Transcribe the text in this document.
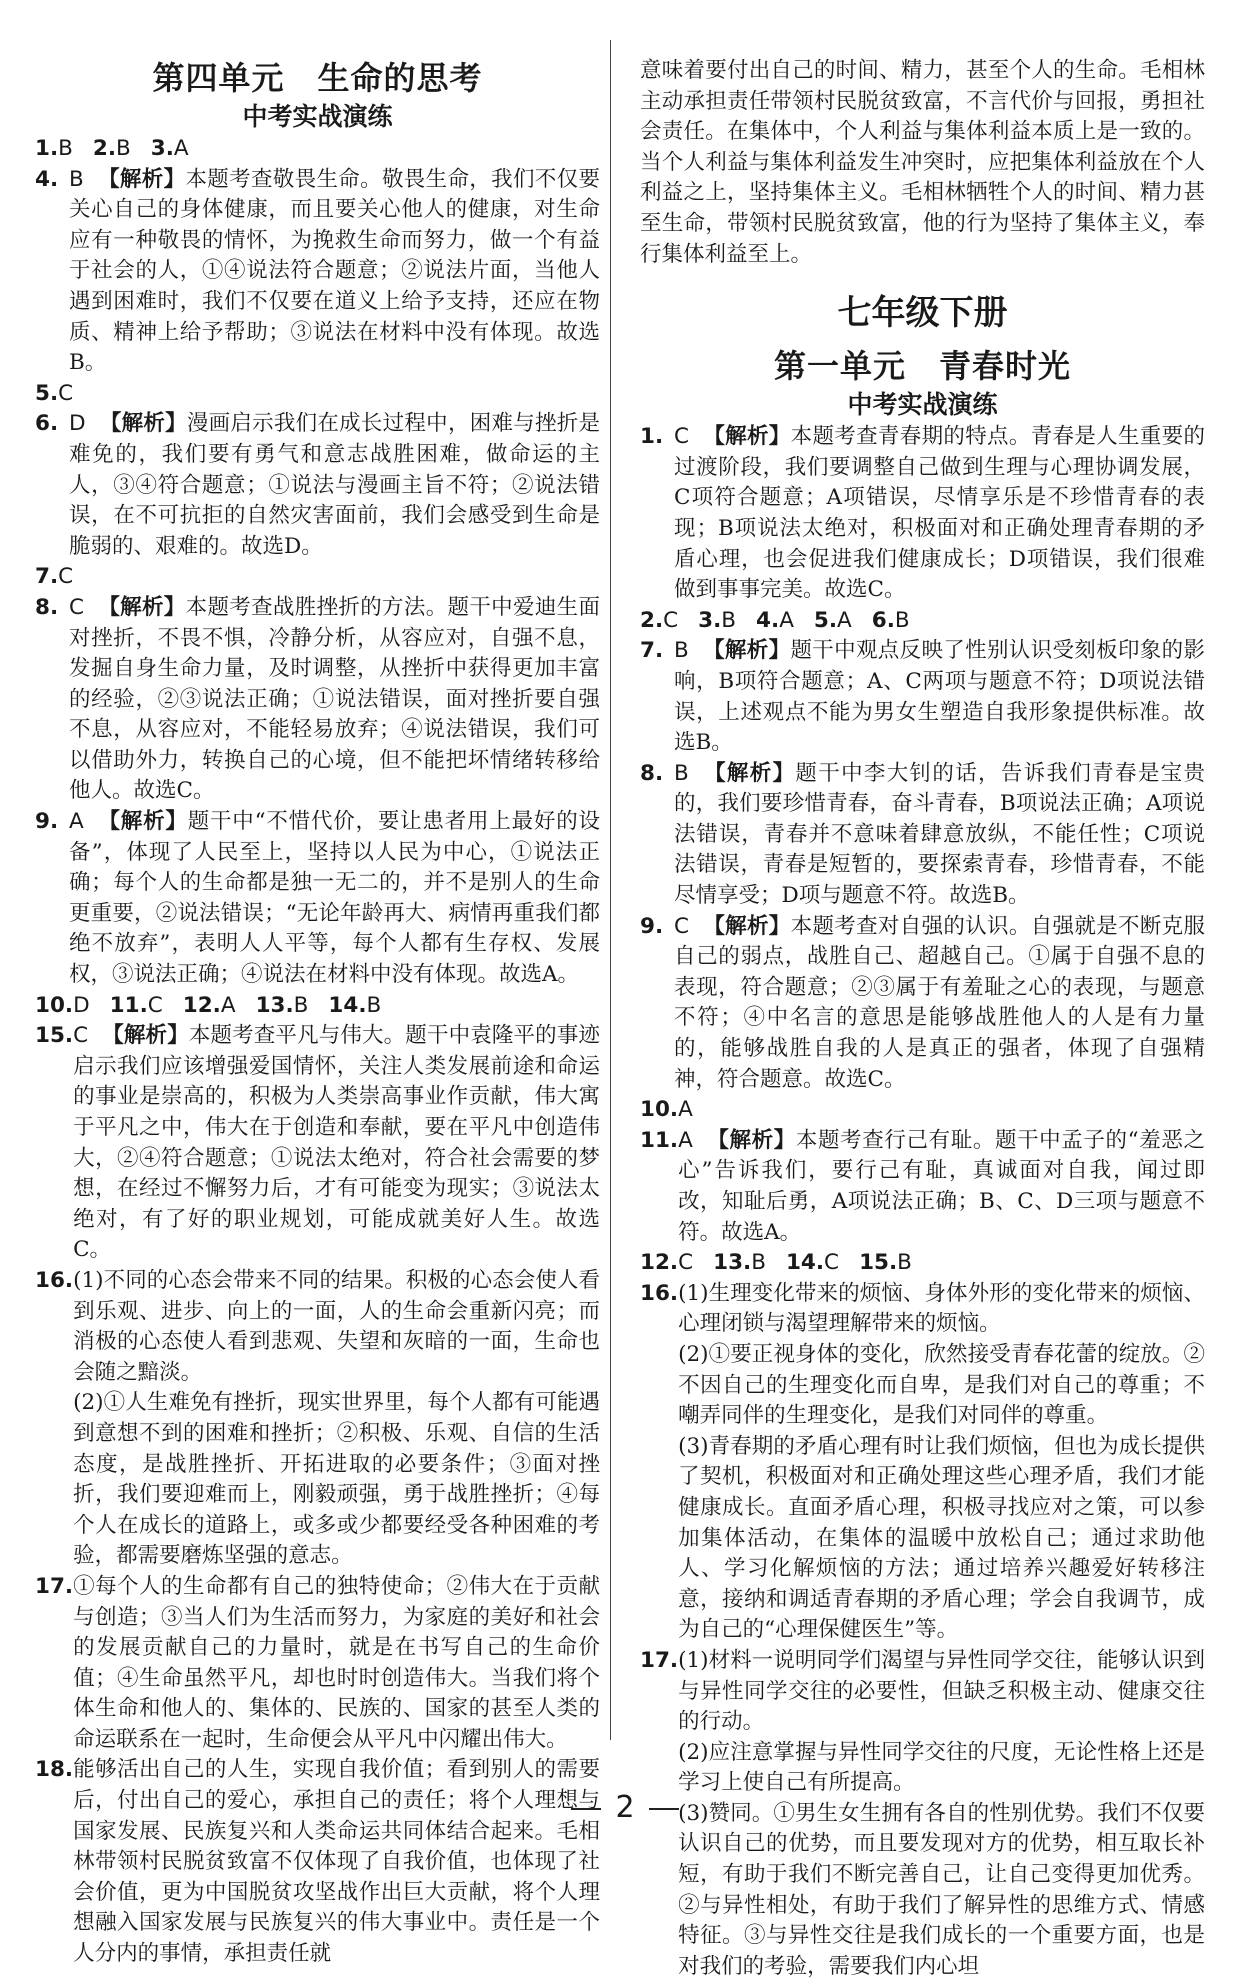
第四单元　生命的思考
中考实战演练
1.B 2.B 3.A
4. B 【解析】本题考查敬畏生命。敬畏生命，我们不仅要关心自己的身体健康，而且要关心他人的健康，对生命应有一种敬畏的情怀，为挽救生命而努力，做一个有益于社会的人，①④说法符合题意；②说法片面，当他人遇到困难时，我们不仅要在道义上给予支持，还应在物质、精神上给予帮助；③说法在材料中没有体现。故选B。
5.C
6. D 【解析】漫画启示我们在成长过程中，困难与挫折是难免的，我们要有勇气和意志战胜困难，做命运的主人，③④符合题意；①说法与漫画主旨不符；②说法错误，在不可抗拒的自然灾害面前，我们会感受到生命是脆弱的、艰难的。故选D。
7.C
8. C 【解析】本题考查战胜挫折的方法。题干中爱迪生面对挫折，不畏不惧，冷静分析，从容应对，自强不息，发掘自身生命力量，及时调整，从挫折中获得更加丰富的经验，②③说法正确；①说法错误，面对挫折要自强不息，从容应对，不能轻易放弃；④说法错误，我们可以借助外力，转换自己的心境，但不能把坏情绪转移给他人。故选C。
9. A 【解析】题干中“不惜代价，要让患者用上最好的设备”，体现了人民至上，坚持以人民为中心，①说法正确；每个人的生命都是独一无二的，并不是别人的生命更重要，②说法错误；“无论年龄再大、病情再重我们都绝不放弃”，表明人人平等，每个人都有生存权、发展权，③说法正确；④说法在材料中没有体现。故选A。
10.D 11.C 12.A 13.B 14.B
15. C 【解析】本题考查平凡与伟大。题干中袁隆平的事迹启示我们应该增强爱国情怀，关注人类发展前途和命运的事业是崇高的，积极为人类崇高事业作贡献，伟大寓于平凡之中，伟大在于创造和奉献，要在平凡中创造伟大，②④符合题意；①说法太绝对，符合社会需要的梦想，在经过不懈努力后，才有可能变为现实；③说法太绝对，有了好的职业规划，可能成就美好人生。故选C。
16. (1)不同的心态会带来不同的结果。积极的心态会使人看到乐观、进步、向上的一面，人的生命会重新闪亮；而消极的心态使人看到悲观、失望和灰暗的一面，生命也会随之黯淡。
(2)①人生难免有挫折，现实世界里，每个人都有可能遇到意想不到的困难和挫折；②积极、乐观、自信的生活态度，是战胜挫折、开拓进取的必要条件；③面对挫折，我们要迎难而上，刚毅顽强，勇于战胜挫折；④每个人在成长的道路上，或多或少都要经受各种困难的考验，都需要磨炼坚强的意志。
17. ①每个人的生命都有自己的独特使命；②伟大在于贡献与创造；③当人们为生活而努力，为家庭的美好和社会的发展贡献自己的力量时，就是在书写自己的生命价值；④生命虽然平凡，却也时时创造伟大。当我们将个体生命和他人的、集体的、民族的、国家的甚至人类的命运联系在一起时，生命便会从平凡中闪耀出伟大。
18. 能够活出自己的人生，实现自我价值；看到别人的需要后，付出自己的爱心，承担自己的责任；将个人理想与国家发展、民族复兴和人类命运共同体结合起来。毛相林带领村民脱贫致富不仅体现了自我价值，也体现了社会价值，更为中国脱贫攻坚战作出巨大贡献，将个人理想融入国家发展与民族复兴的伟大事业中。责任是一个人分内的事情，承担责任就
意味着要付出自己的时间、精力，甚至个人的生命。毛相林主动承担责任带领村民脱贫致富，不言代价与回报，勇担社会责任。在集体中，个人利益与集体利益本质上是一致的。当个人利益与集体利益发生冲突时，应把集体利益放在个人利益之上，坚持集体主义。毛相林牺牲个人的时间、精力甚至生命，带领村民脱贫致富，他的行为坚持了集体主义，奉行集体利益至上。
七年级下册
第一单元　青春时光
中考实战演练
1. C 【解析】本题考查青春期的特点。青春是人生重要的过渡阶段，我们要调整自己做到生理与心理协调发展，C项符合题意；A项错误，尽情享乐是不珍惜青春的表现；B项说法太绝对，积极面对和正确处理青春期的矛盾心理，也会促进我们健康成长；D项错误，我们很难做到事事完美。故选C。
2.C 3.B 4.A 5.A 6.B
7. B 【解析】题干中观点反映了性别认识受刻板印象的影响，B项符合题意；A、C两项与题意不符；D项说法错误，上述观点不能为男女生塑造自我形象提供标准。故选B。
8. B 【解析】题干中李大钊的话，告诉我们青春是宝贵的，我们要珍惜青春，奋斗青春，B项说法正确；A项说法错误，青春并不意味着肆意放纵，不能任性；C项说法错误，青春是短暂的，要探索青春，珍惜青春，不能尽情享受；D项与题意不符。故选B。
9. C 【解析】本题考查对自强的认识。自强就是不断克服自己的弱点，战胜自己、超越自己。①属于自强不息的表现，符合题意；②③属于有羞耻之心的表现，与题意不符；④中名言的意思是能够战胜他人的人是有力量的，能够战胜自我的人是真正的强者，体现了自强精神，符合题意。故选C。
10.A
11. A 【解析】本题考查行己有耻。题干中孟子的“羞恶之心”告诉我们，要行己有耻，真诚面对自我，闻过即改，知耻后勇，A项说法正确；B、C、D三项与题意不符。故选A。
12.C 13.B 14.C 15.B
16. (1)生理变化带来的烦恼、身体外形的变化带来的烦恼、心理闭锁与渴望理解带来的烦恼。
(2)①要正视身体的变化，欣然接受青春花蕾的绽放。②不因自己的生理变化而自卑，是我们对自己的尊重；不嘲弄同伴的生理变化，是我们对同伴的尊重。
(3)青春期的矛盾心理有时让我们烦恼，但也为成长提供了契机，积极面对和正确处理这些心理矛盾，我们才能健康成长。直面矛盾心理，积极寻找应对之策，可以参加集体活动，在集体的温暖中放松自己；通过求助他人、学习化解烦恼的方法；通过培养兴趣爱好转移注意，接纳和调适青春期的矛盾心理；学会自我调节，成为自己的“心理保健医生”等。
17. (1)材料一说明同学们渴望与异性同学交往，能够认识到与异性同学交往的必要性，但缺乏积极主动、健康交往的行动。
(2)应注意掌握与异性同学交往的尺度，无论性格上还是学习上使自己有所提高。
(3)赞同。①男生女生拥有各自的性别优势。我们不仅要认识自己的优势，而且要发现对方的优势，相互取长补短，有助于我们不断完善自己，让自己变得更加优秀。②与异性相处，有助于我们了解异性的思维方式、情感特征。③与异性交往是我们成长的一个重要方面，也是对我们的考验，需要我们内心坦
2
